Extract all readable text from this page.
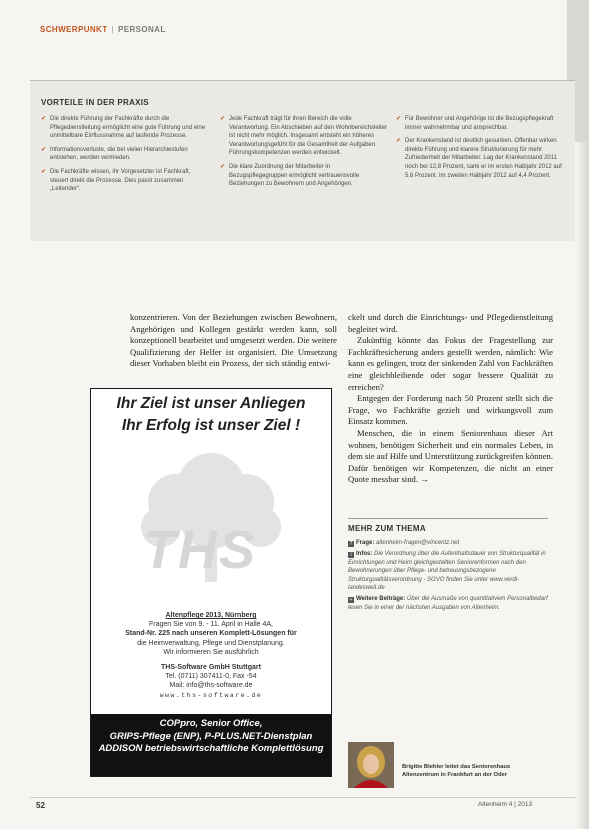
SCHWERPUNKT | PERSONAL
VORTEILE IN DER PRAXIS
✔ Die direkte Führung der Fachkräfte durch die Pflegedienstleitung ermöglicht eine gute Führung und eine unmittelbare Einflussnahme auf laufende Prozesse.
✔ Informationsverluste, die bei vielen Hierarchiestufen entstehen, werden vermieden.
✔ Die Fachkräfte wissen, ihr Vorgesetzter ist Fachkraft, steuert direkt die Prozesse. Dies passt zusammen „Leitender“.
✔ Jede Fachkraft trägt für ihren Bereich die volle Verantwortung. Ein Abschieben auf den Wohnbereichsleiter ist nicht mehr möglich. Insgesamt entsteht ein höheres Verantwortungsgefühl für die Gesamtheit der Aufgaben. Führungskompetenzen werden entwickelt.
✔ Die klare Zuordnung der Mitarbeiter in Bezugspflegegruppen ermöglicht vertrauensvolle Beziehungen zu Bewohnern und Angehörigen.
✔ Für Bewohner und Angehörige ist die Bezugspflegekraft immer wahrnehmbar und ansprechbar.
✔ Der Krankenstand ist deutlich gesunken. Offenbar wirken direkte Führung und klarere Strukturierung für mehr Zufriedenheit der Mitarbeiter. Lag der Krankenstand 2011 noch bei 12,8 Prozent, sank er im ersten Halbjahr 2012 auf 5,6 Prozent. Im zweiten Halbjahr 2012 auf 4,4 Prozent.

konzentrieren. Von der Beziehungen zwischen Bewohnern, Angehörigen und Kollegen gestärkt werden kann, soll konzeptionell bearbeitet und umgesetzt werden. Die weitere Qualifizierung der Helfer ist organisiert. Die Umsetzung dieser Vorhaben bleibt ein Prozess, der sich ständig entwi-

ckelt und durch die Einrichtungs- und Pflegedienstleitung begleitet wird.

Zukünftig könnte das Fokus der Fragestellung zur Fachkräftesicherung anders gestellt werden, nämlich: Wie kann es gelingen, trotz der sinkenden Zahl von Fachkräften eine gleichbleibende oder sogar bessere Qualität zu erreichen?

Entgegen der Forderung nach 50 Prozent stellt sich die Frage, wo Fachkräfte gezielt und wirkungsvoll zum Einsatz kommen.

Menschen, die in einem Seniorenhaus dieser Art wohnen, benötigen Sicherheit und ein normales Leben, in dem sie auf Hilfe und Unterstützung zurückgreifen können. Dafür benötigen wir Kompetenzen, die nicht an einer Quote messbar sind. →

Ihr Ziel ist unser Anliegen
Ihr Erfolg ist unser Ziel !
THS
Altenpflege 2013, Nürnberg
Fragen Sie von 9. - 11. April in Halle 4A,
Stand-Nr. 225 nach unseren Komplett-Lösungen für
die Heimverwaltung, Pflege und Dienstplanung.
Wir informieren Sie ausführlich
THS-Software GmbH Stuttgart
Tel. (0711) 307411-0, Fax -54
Mail: info@ths-software.de
www.ths-software.de
COPpro, Senior Office,
GRIPS-Pflege (ENP), P-PLUS.NET-Dienstplan
ADDISON betriebswirtschaftliche Komplettlösung
MEHR ZUM THEMA
? Frage: altenheim-fragen@vincentz.net
i Infos: Die Verordnung über die Aufenthaltsdauer von Strukturqualität in Einrichtungen und Heim gleichgestellten Seniorenformen nach den Bewohnerungen über Pflege- und betreuungsbezogene Strukturgualitätsverordnung - SGVO finden Sie unter www.verdi-landesweit.de
+ Weitere Beiträge: Über die Ausmaße von quantitativem Personalbedarf lesen Sie in einer der nächsten Ausgaben von Altenheim.
Brigitte Blehler leitet das Seniorenhaus
Altenzentrum in Frankfurt an der Oder
52	Altenheim 4 | 2013
